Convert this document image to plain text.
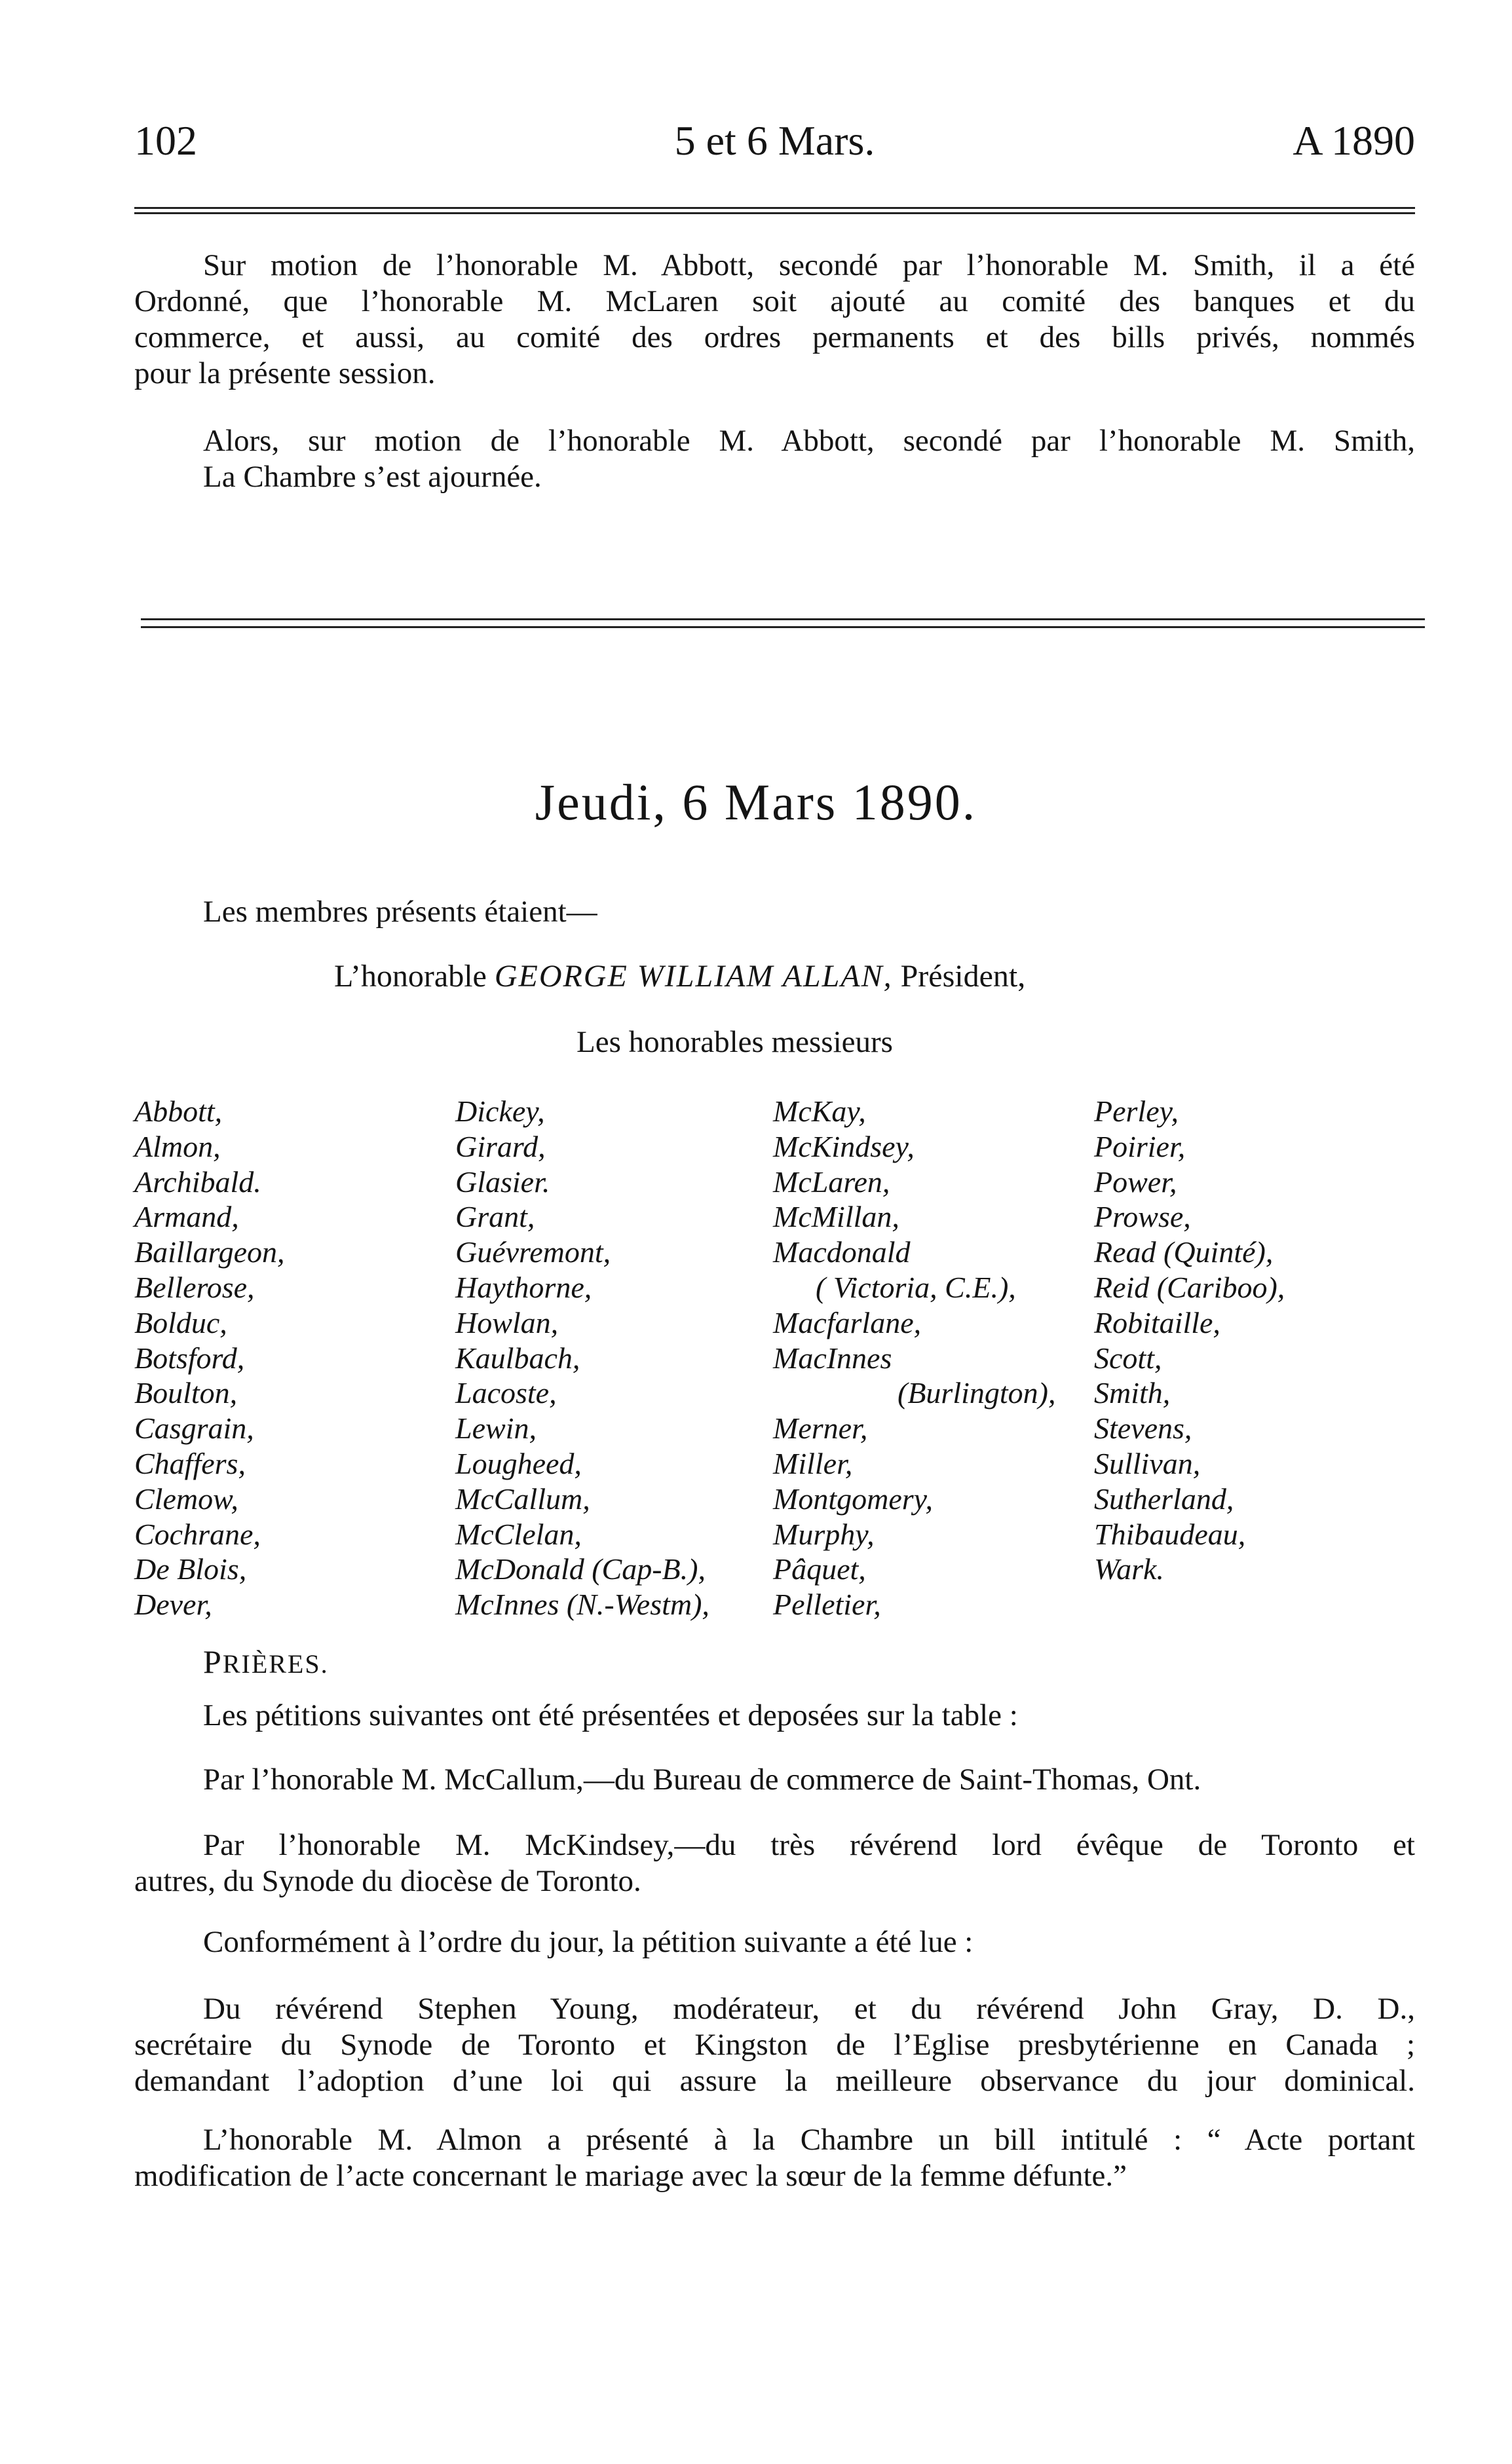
102	5 et 6 Mars.	A 1890
Sur motion de l’honorable M. Abbott, secondé par l’honorable M. Smith, il a été
Ordonné, que l’honorable M. McLaren soit ajouté au comité des banques et du
commerce, et aussi, au comité des ordres permanents et des bills privés, nommés
pour la présente session.
Alors, sur motion de l’honorable M. Abbott, secondé par l’honorable M. Smith,
La Chambre s’est ajournée.
Jeudi, 6 Mars 1890.
Les membres présents étaient—
L’honorable GEORGE WILLIAM ALLAN, Président,
Les honorables messieurs
Abbott,
Almon,
Archibald.
Armand,
Baillargeon,
Bellerose,
Bolduc,
Botsford,
Boulton,
Casgrain,
Chaffers,
Clemow,
Cochrane,
De Blois,
Dever,
Dickey,
Girard,
Glasier.
Grant,
Guévremont,
Haythorne,
Howlan,
Kaulbach,
Lacoste,
Lewin,
Lougheed,
McCallum,
McClelan,
McDonald (Cap-B.),
McInnes (N.-Westm),
McKay,
McKindsey,
McLaren,
McMillan,
Macdonald
( Victoria, C.E.),
Macfarlane,
MacInnes
(Burlington),
Merner,
Miller,
Montgomery,
Murphy,
Pâquet,
Pelletier,
Perley,
Poirier,
Power,
Prowse,
Read (Quinté),
Reid (Cariboo),
Robitaille,
Scott,
Smith,
Stevens,
Sullivan,
Sutherland,
Thibaudeau,
Wark.
PRIÈRES.
Les pétitions suivantes ont été présentées et deposées sur la table :
Par l’honorable M. McCallum,—du Bureau de commerce de Saint-Thomas, Ont.
Par l’honorable M. McKindsey,—du très révérend lord évêque de Toronto et
autres, du Synode du diocèse de Toronto.
Conformément à l’ordre du jour, la pétition suivante a été lue :
Du révérend Stephen Young, modérateur, et du révérend John Gray, D. D.,
secrétaire du Synode de Toronto et Kingston de l’Eglise presbytérienne en Canada ;
demandant l’adoption d’une loi qui assure la meilleure observance du jour dominical.
L’honorable M. Almon a présenté à la Chambre un bill intitulé : “ Acte portant
modification de l’acte concernant le mariage avec la sœur de la femme défunte.”
